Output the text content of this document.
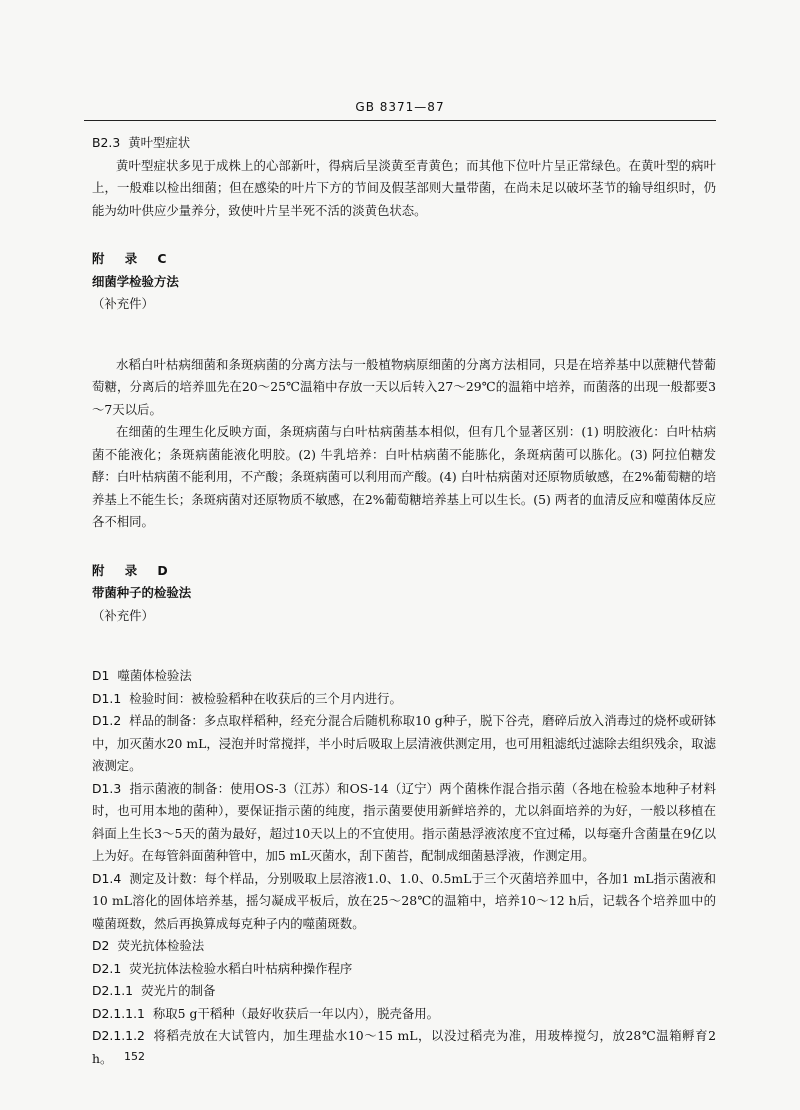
GB 8371—87

B2.3 黄叶型症状

黄叶型症状多见于成株上的心部新叶，得病后呈淡黄至青黄色；而其他下位叶片呈正常绿色。在黄叶型的病叶上，一般难以检出细菌；但在感染的叶片下方的节间及假茎部则大量带菌，在尚未足以破坏茎节的输导组织时，仍能为幼叶供应少量养分，致使叶片呈半死不活的淡黄色状态。

附 录 C

细菌学检验方法

（补充件）

水稻白叶枯病细菌和条斑病菌的分离方法与一般植物病原细菌的分离方法相同，只是在培养基中以蔗糖代替葡萄糖，分离后的培养皿先在20～25℃温箱中存放一天以后转入27～29℃的温箱中培养，而菌落的出现一般都要3～7天以后。

在细菌的生理生化反映方面，条斑病菌与白叶枯病菌基本相似，但有几个显著区别：(1) 明胶液化：白叶枯病菌不能液化；条斑病菌能液化明胶。(2) 牛乳培养：白叶枯病菌不能胨化，条斑病菌可以胨化。(3) 阿拉伯糖发酵：白叶枯病菌不能利用，不产酸；条斑病菌可以利用而产酸。(4) 白叶枯病菌对还原物质敏感，在2%葡萄糖的培养基上不能生长；条斑病菌对还原物质不敏感，在2%葡萄糖培养基上可以生长。(5) 两者的血清反应和噬菌体反应各不相同。

附 录 D

带菌种子的检验法

（补充件）

D1 噬菌体检验法

D1.1 检验时间：被检验稻种在收获后的三个月内进行。

D1.2 样品的制备：多点取样稻种，经充分混合后随机称取10 g种子，脱下谷壳，磨碎后放入消毒过的烧杯或研钵中，加灭菌水20 mL，浸泡并时常搅拌，半小时后吸取上层清液供测定用，也可用粗滤纸过滤除去组织残余，取滤液测定。

D1.3 指示菌液的制备：使用OS-3（江苏）和OS-14（辽宁）两个菌株作混合指示菌（各地在检验本地种子材料时，也可用本地的菌种），要保证指示菌的纯度，指示菌要使用新鲜培养的，尤以斜面培养的为好，一般以移植在斜面上生长3～5天的菌为最好，超过10天以上的不宜使用。指示菌悬浮液浓度不宜过稀，以每毫升含菌量在9亿以上为好。在每管斜面菌种管中，加5 mL灭菌水，刮下菌苔，配制成细菌悬浮液，作测定用。

D1.4 测定及计数：每个样品，分别吸取上层溶液1.0、1.0、0.5mL于三个灭菌培养皿中，各加1 mL指示菌液和10 mL溶化的固体培养基，摇匀凝成平板后，放在25～28℃的温箱中，培养10～12 h后，记载各个培养皿中的噬菌斑数，然后再换算成每克种子内的噬菌斑数。

D2 荧光抗体检验法

D2.1 荧光抗体法检验水稻白叶枯病种操作程序

D2.1.1 荧光片的制备

D2.1.1.1 称取5 g干稻种（最好收获后一年以内），脱壳备用。

D2.1.1.2 将稻壳放在大试管内，加生理盐水10～15 mL，以没过稻壳为准，用玻棒搅匀，放28℃温箱孵育2 h。	152
